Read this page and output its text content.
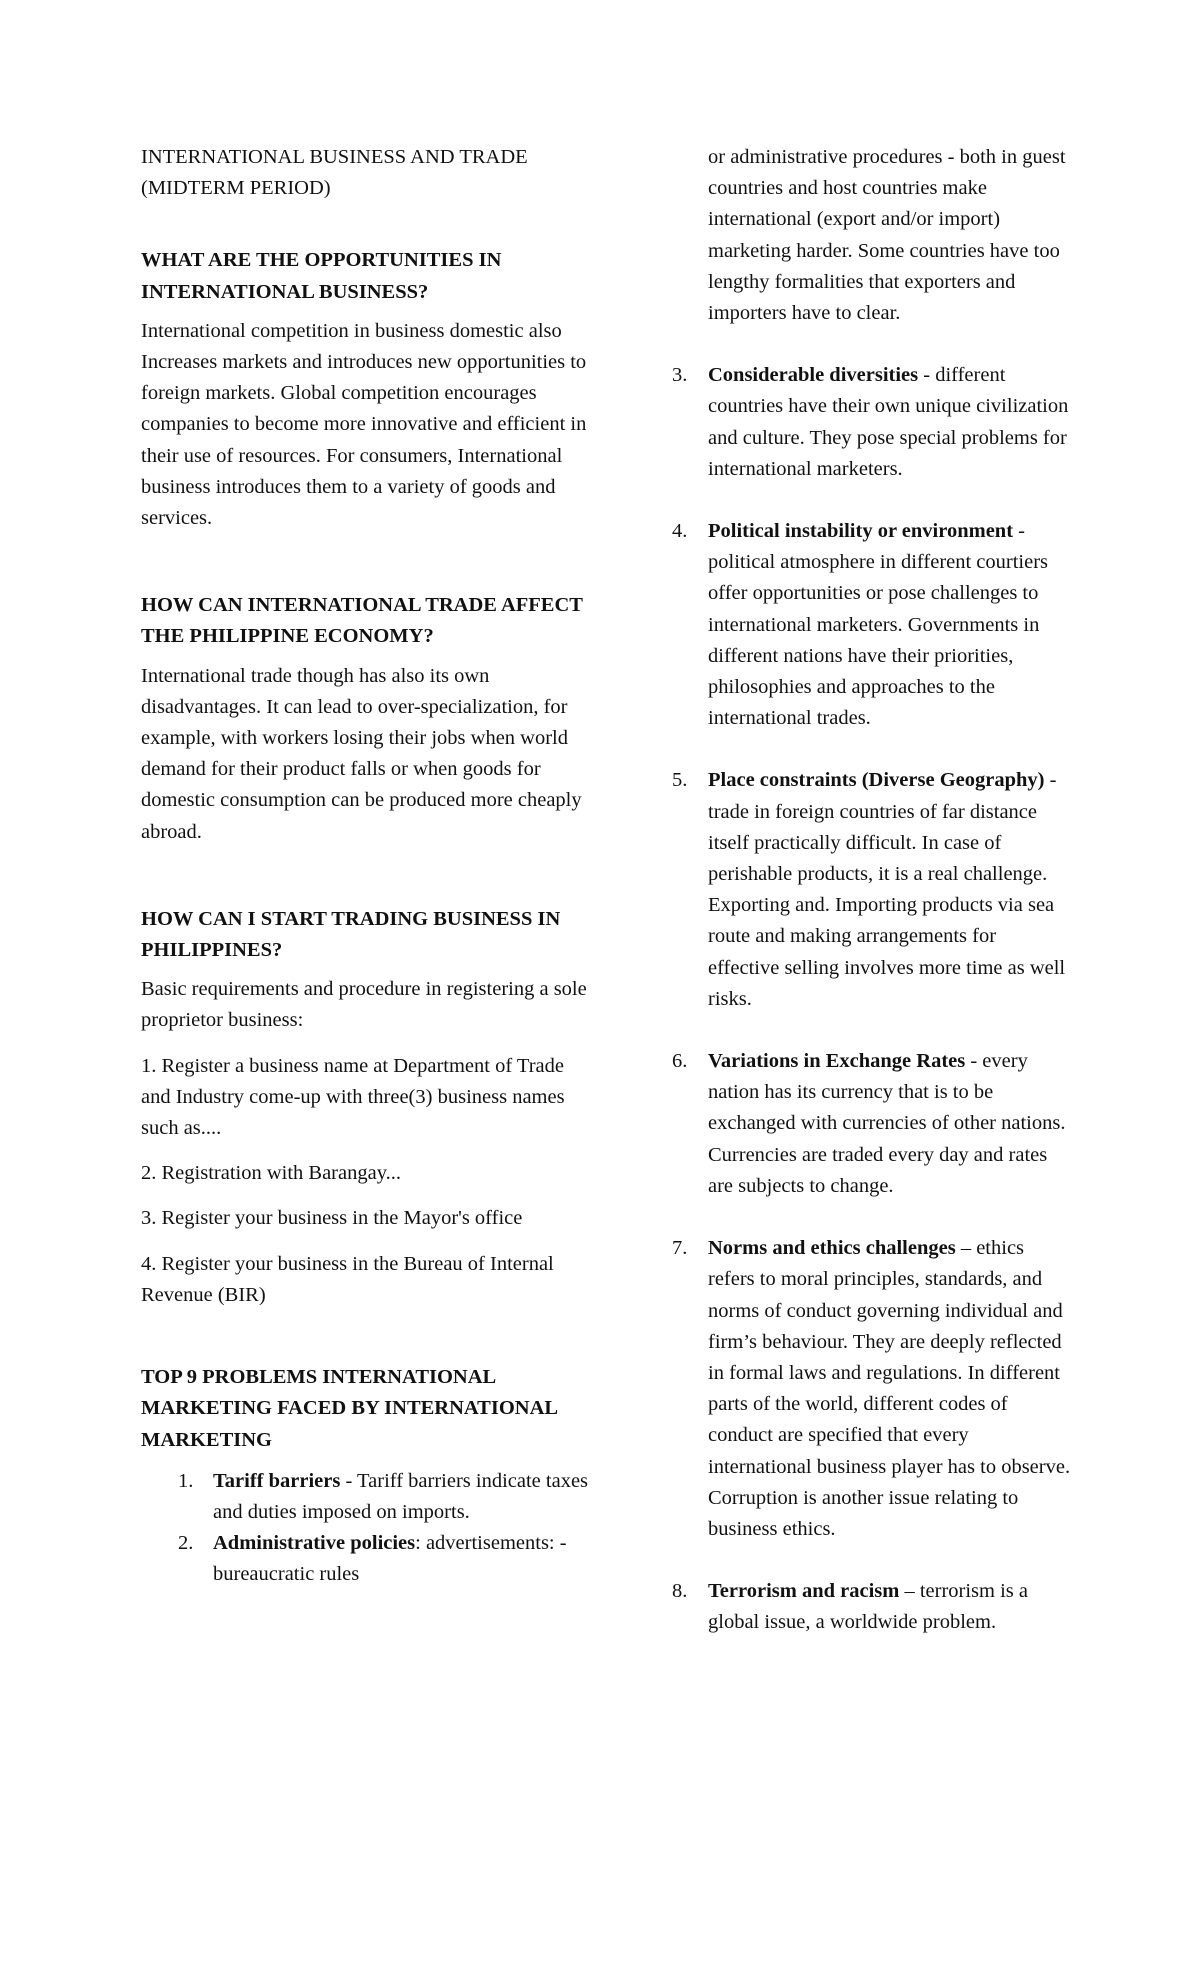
INTERNATIONAL BUSINESS AND TRADE (MIDTERM PERIOD)

WHAT ARE THE OPPORTUNITIES IN INTERNATIONAL BUSINESS?

International competition in business domestic also Increases markets and introduces new opportunities to foreign markets. Global competition encourages companies to become more innovative and efficient in their use of resources. For consumers, International business introduces them to a variety of goods and services.

HOW CAN INTERNATIONAL TRADE AFFECT THE PHILIPPINE ECONOMY?

International trade though has also its own disadvantages. It can lead to over-specialization, for example, with workers losing their jobs when world demand for their product falls or when goods for domestic consumption can be produced more cheaply abroad.

HOW CAN I START TRADING BUSINESS IN PHILIPPINES?

Basic requirements and procedure in registering a sole proprietor business:

1. Register a business name at Department of Trade and Industry come-up with three(3) business names such as....

2. Registration with Barangay...

3. Register your business in the Mayor's office

4. Register your business in the Bureau of Internal Revenue (BIR)

TOP 9 PROBLEMS INTERNATIONAL MARKETING FACED BY INTERNATIONAL MARKETING
1. Tariff barriers - Tariff barriers indicate taxes and duties imposed on imports.
2. Administrative policies: advertisements: - bureaucratic rules

or administrative procedures - both in guest countries and host countries make international (export and/or import) marketing harder. Some countries have too lengthy formalities that exporters and importers have to clear.

3. Considerable diversities - different countries have their own unique civilization and culture. They pose special problems for international marketers.
4. Political instability or environment - political atmosphere in different courtiers offer opportunities or pose challenges to international marketers. Governments in different nations have their priorities, philosophies and approaches to the international trades.
5. Place constraints (Diverse Geography) - trade in foreign countries of far distance itself practically difficult. In case of perishable products, it is a real challenge. Exporting and. Importing products via sea route and making arrangements for effective selling involves more time as well risks.
6. Variations in Exchange Rates - every nation has its currency that is to be exchanged with currencies of other nations. Currencies are traded every day and rates are subjects to change.
7. Norms and ethics challenges – ethics refers to moral principles, standards, and norms of conduct governing individual and firm’s behaviour. They are deeply reflected in formal laws and regulations. In different parts of the world, different codes of conduct are specified that every international business player has to observe. Corruption is another issue relating to business ethics.
8. Terrorism and racism – terrorism is a global issue, a worldwide problem.
